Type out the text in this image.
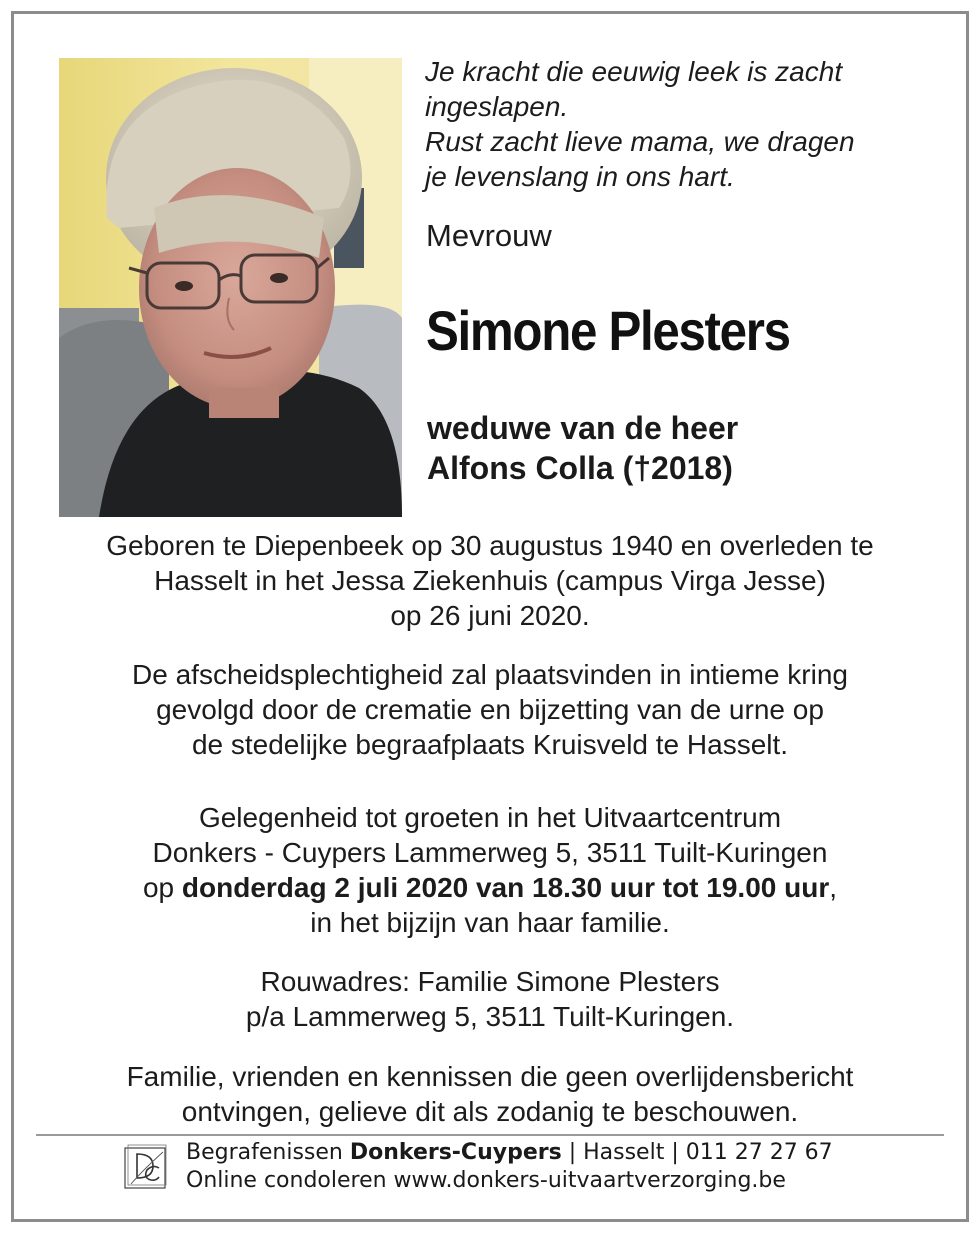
Je kracht die eeuwig leek is zacht
ingeslapen.
Rust zacht lieve mama, we dragen
je levenslang in ons hart.
Mevrouw
Simone Plesters
weduwe van de heer
Alfons Colla (†2018)
Geboren te Diepenbeek op 30 augustus 1940 en overleden te
Hasselt in het Jessa Ziekenhuis (campus Virga Jesse)
op 26 juni 2020.
De afscheidsplechtigheid zal plaatsvinden in intieme kring
gevolgd door de crematie en bijzetting van de urne op
de stedelijke begraafplaats Kruisveld te Hasselt.
Gelegenheid tot groeten in het Uitvaartcentrum
Donkers - Cuypers Lammerweg 5, 3511 Tuilt-Kuringen
op donderdag 2 juli 2020 van 18.30 uur tot 19.00 uur,
in het bijzijn van haar familie.
Rouwadres: Familie Simone Plesters
p/a Lammerweg 5, 3511 Tuilt-Kuringen.
Familie, vrienden en kennissen die geen overlijdensbericht
ontvingen, gelieve dit als zodanig te beschouwen.
Begrafenissen Donkers-Cuypers | Hasselt | 011 27 27 67
Online condoleren www.donkers-uitvaartverzorging.be
